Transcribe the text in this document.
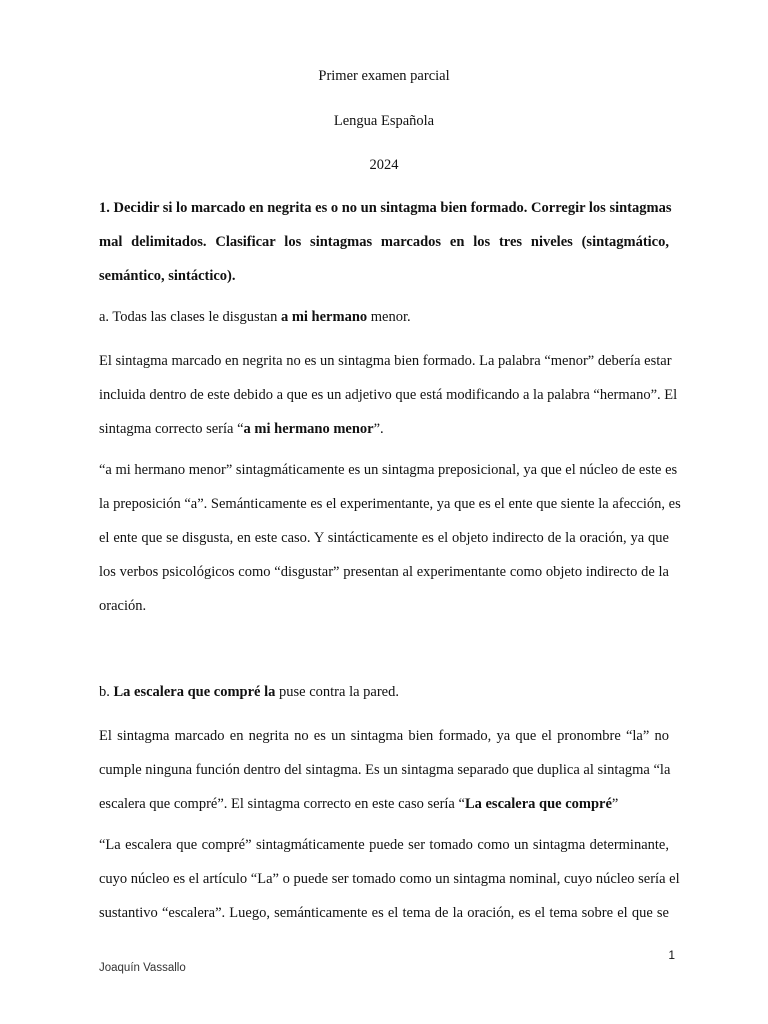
Primer examen parcial
Lengua Española
2024
1. Decidir si lo marcado en negrita es o no un sintagma bien formado. Corregir los sintagmas
mal delimitados. Clasificar los sintagmas marcados en los tres niveles (sintagmático,
semántico, sintáctico).
a. Todas las clases le disgustan a mi hermano menor.
El sintagma marcado en negrita no es un sintagma bien formado. La palabra “menor” debería estar
incluida dentro de este debido a que es un adjetivo que está modificando a la palabra “hermano”. El
sintagma correcto sería “a mi hermano menor”.
“a mi hermano menor” sintagmáticamente es un sintagma preposicional, ya que el núcleo de este es
la preposición “a”. Semánticamente es el experimentante, ya que es el ente que siente la afección, es
el ente que se disgusta, en este caso. Y sintácticamente es el objeto indirecto de la oración, ya que
los verbos psicológicos como “disgustar” presentan al experimentante como objeto indirecto de la
oración.
b. La escalera que compré la puse contra la pared.
El sintagma marcado en negrita no es un sintagma bien formado, ya que el pronombre “la” no
cumple ninguna función dentro del sintagma. Es un sintagma separado que duplica al sintagma “la
escalera que compré”. El sintagma correcto en este caso sería “La escalera que compré”
“La escalera que compré” sintagmáticamente puede ser tomado como un sintagma determinante,
cuyo núcleo es el artículo “La” o puede ser tomado como un sintagma nominal, cuyo núcleo sería el
sustantivo “escalera”. Luego, semánticamente es el tema de la oración, es el tema sobre el que se
1
Joaquín Vassallo
